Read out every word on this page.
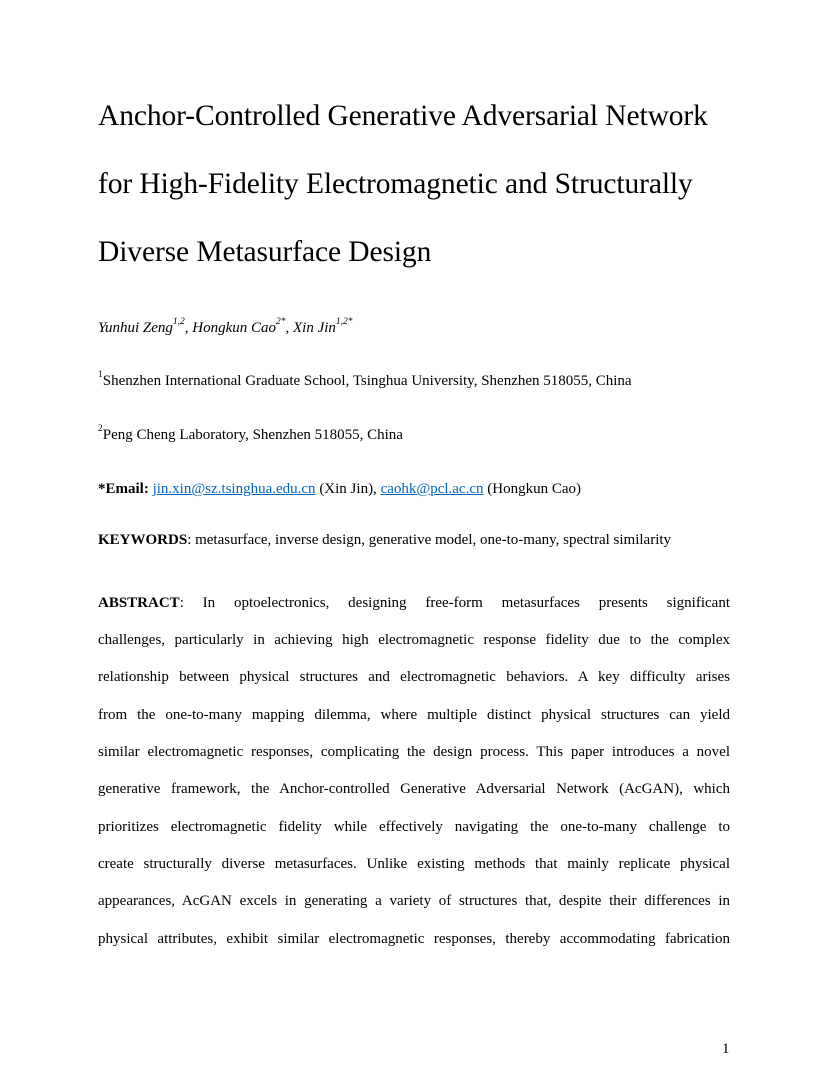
Anchor-Controlled Generative Adversarial Network
for High-Fidelity Electromagnetic and Structurally
Diverse Metasurface Design
Yunhui Zeng$^{1,2}$, Hongkun Cao$^{2*}$, Xin Jin$^{1,2*}$
$^1$Shenzhen International Graduate School, Tsinghua University, Shenzhen 518055, China
$^2$Peng Cheng Laboratory, Shenzhen 518055, China
*Email: jin.xin@sz.tsinghua.edu.cn (Xin Jin), caohk@pcl.ac.cn (Hongkun Cao)
KEYWORDS: metasurface, inverse design, generative model, one-to-many, spectral similarity
ABSTRACT: In optoelectronics, designing free-form metasurfaces presents significant
challenges, particularly in achieving high electromagnetic response fidelity due to the complex
relationship between physical structures and electromagnetic behaviors. A key difficulty arises
from the one-to-many mapping dilemma, where multiple distinct physical structures can yield
similar electromagnetic responses, complicating the design process. This paper introduces a novel
generative framework, the Anchor-controlled Generative Adversarial Network (AcGAN), which
prioritizes electromagnetic fidelity while effectively navigating the one-to-many challenge to
create structurally diverse metasurfaces. Unlike existing methods that mainly replicate physical
appearances, AcGAN excels in generating a variety of structures that, despite their differences in
physical attributes, exhibit similar electromagnetic responses, thereby accommodating fabrication
1
